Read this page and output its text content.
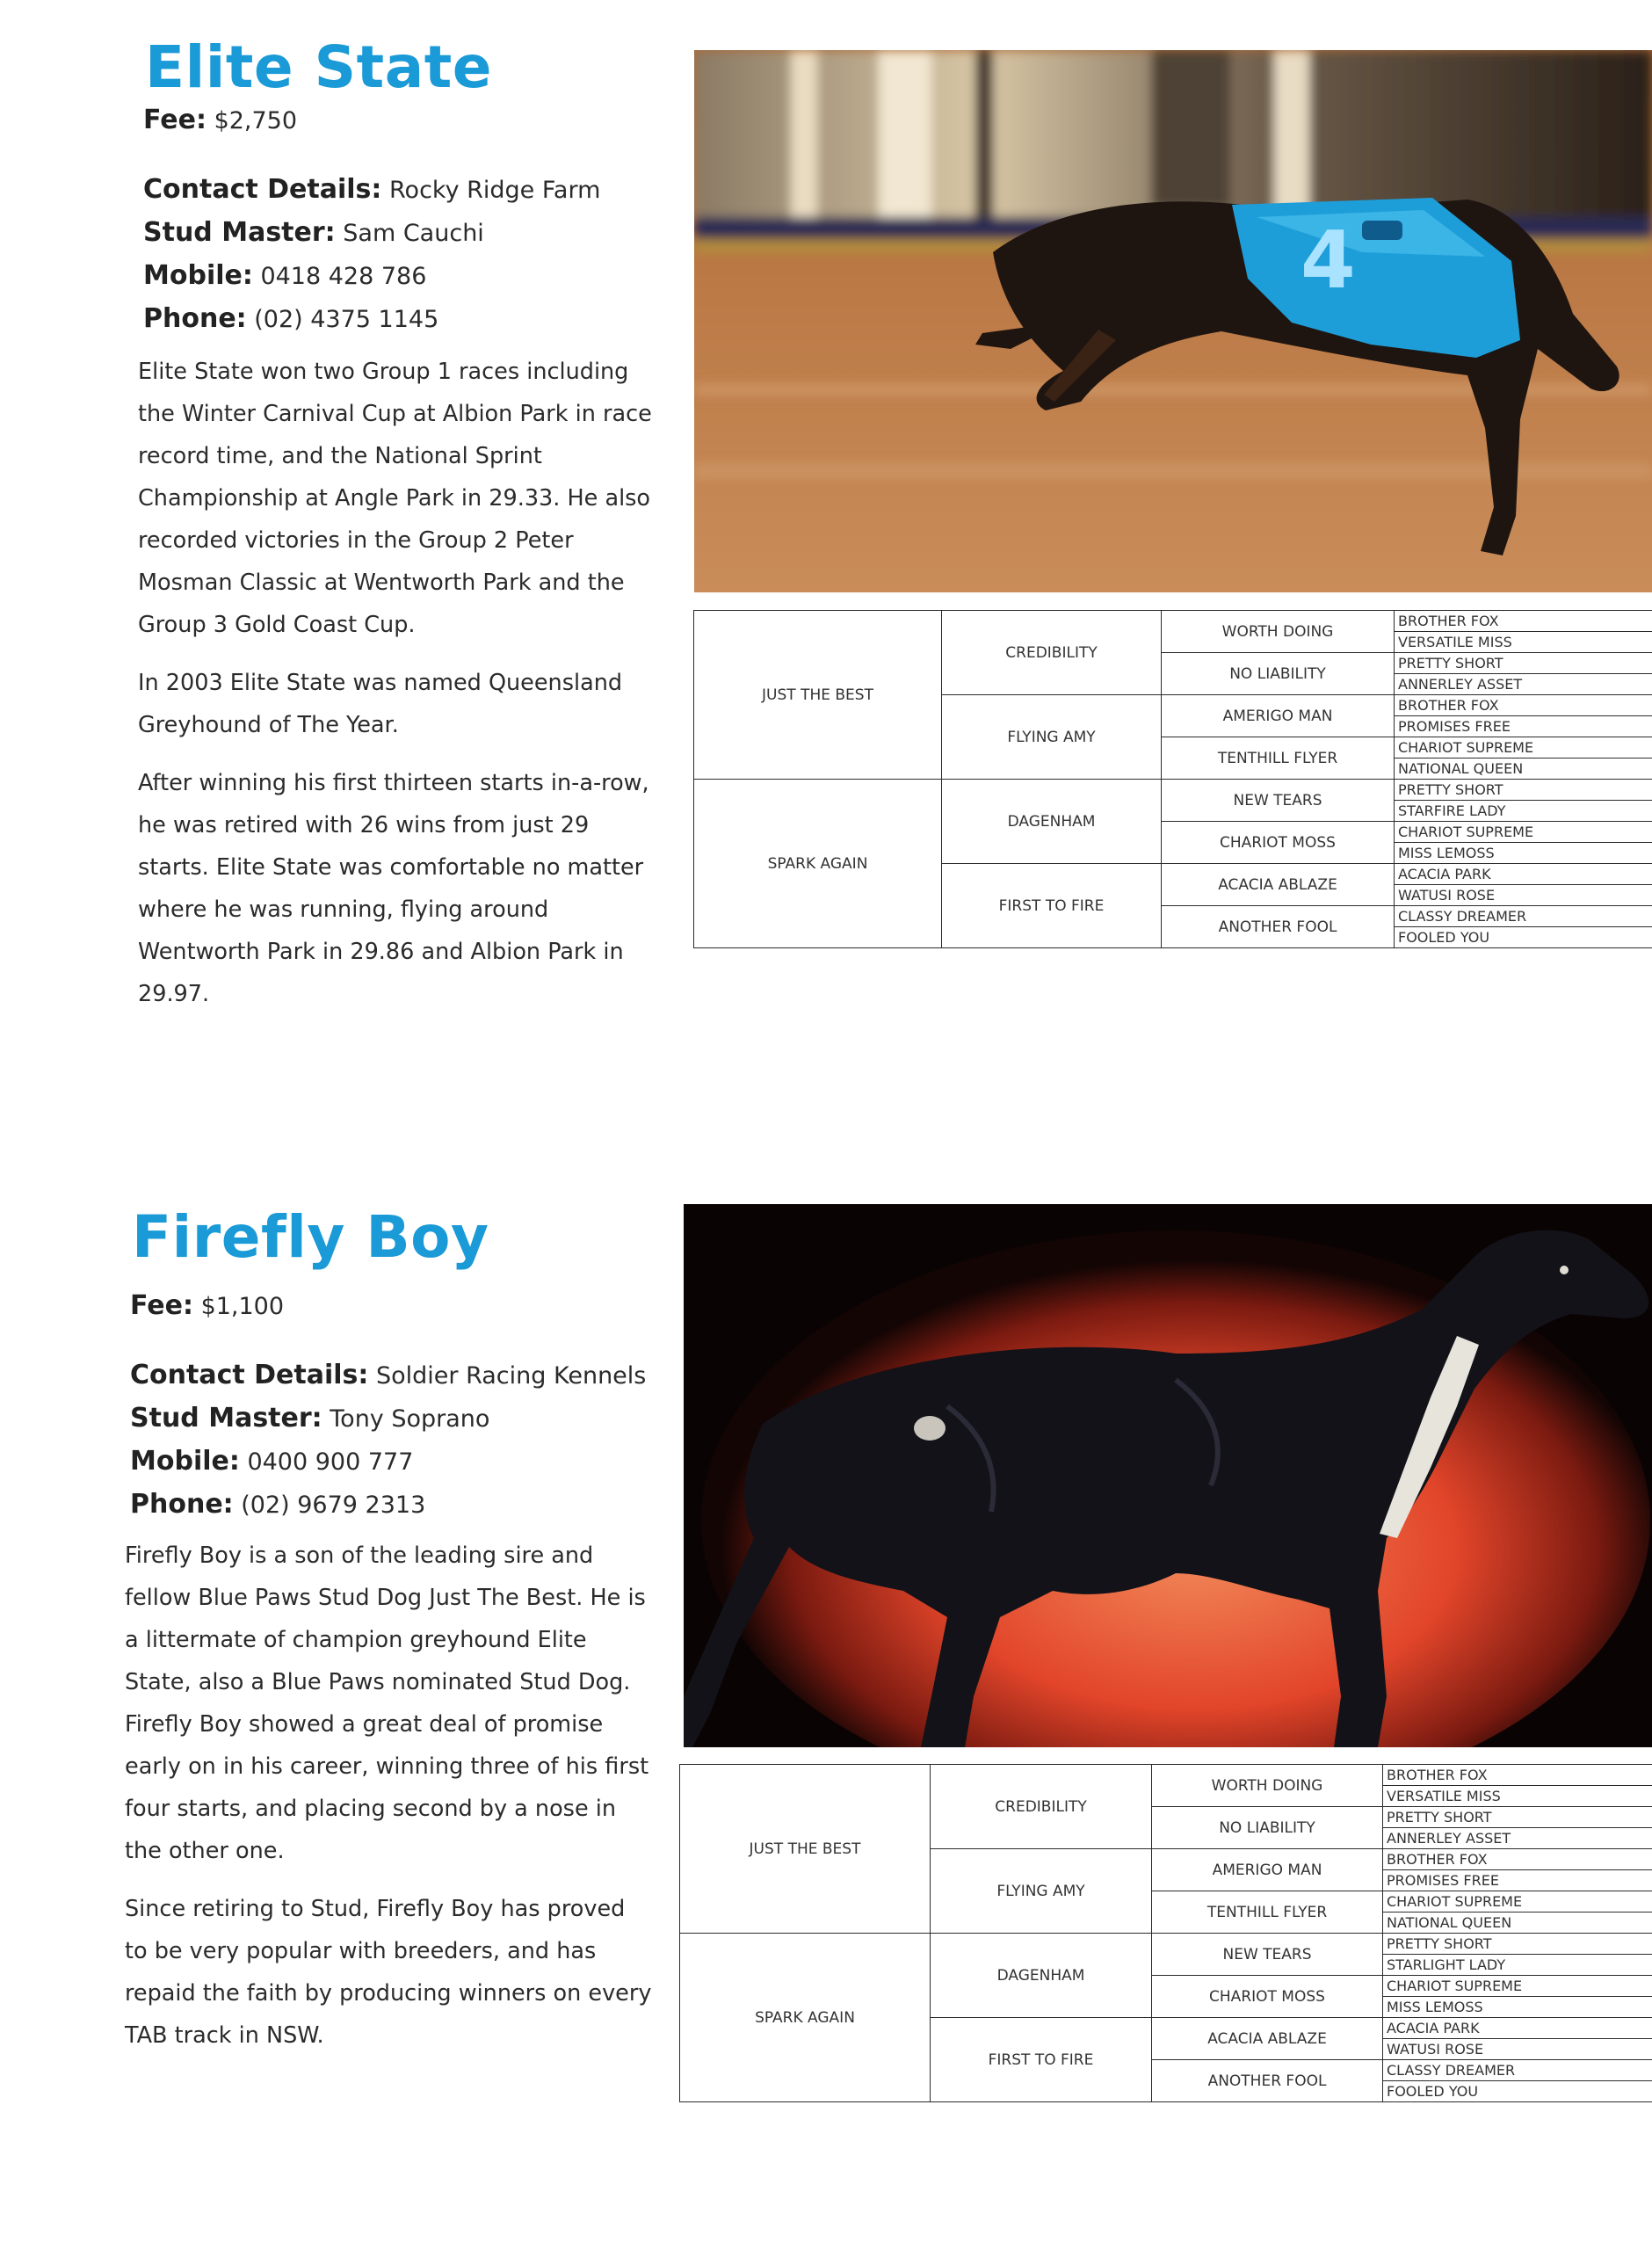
Elite State
Fee: $2,750
Contact Details: Rocky Ridge Farm
Stud Master: Sam Cauchi
Mobile: 0418 428 786
Phone: (02) 4375 1145

Elite State won two Group 1 races including the Winter Carnival Cup at Albion Park in race record time, and the National Sprint Championship at Angle Park in 29.33. He also recorded victories in the Group 2 Peter Mosman Classic at Wentworth Park and the Group 3 Gold Coast Cup.

In 2003 Elite State was named Queensland Greyhound of The Year.

After winning his first thirteen starts in-a-row, he was retired with 26 wins from just 29 starts. Elite State was comfortable no matter where he was running, flying around Wentworth Park in 29.86 and Albion Park in 29.97.

4
JUST THE BEST	CREDIBILITY	WORTH DOING	BROTHER FOX
			VERSATILE MISS
		NO LIABILITY	PRETTY SHORT
			ANNERLEY ASSET
	FLYING AMY	AMERIGO MAN	BROTHER FOX
			PROMISES FREE
		TENTHILL FLYER	CHARIOT SUPREME
			NATIONAL QUEEN
SPARK AGAIN	DAGENHAM	NEW TEARS	PRETTY SHORT
			STARFIRE LADY
		CHARIOT MOSS	CHARIOT SUPREME
			MISS LEMOSS
	FIRST TO FIRE	ACACIA ABLAZE	ACACIA PARK
			WATUSI ROSE
		ANOTHER FOOL	CLASSY DREAMER
			FOOLED YOU
Firefly Boy
Fee: $1,100
Contact Details: Soldier Racing Kennels
Stud Master: Tony Soprano
Mobile: 0400 900 777
Phone: (02) 9679 2313

Firefly Boy is a son of the leading sire and fellow Blue Paws Stud Dog Just The Best. He is a littermate of champion greyhound Elite State, also a Blue Paws nominated Stud Dog. Firefly Boy showed a great deal of promise early on in his career, winning three of his first four starts, and placing second by a nose in the other one.

Since retiring to Stud, Firefly Boy has proved to be very popular with breeders, and has repaid the faith by producing winners on every TAB track in NSW.

JUST THE BEST	CREDIBILITY	WORTH DOING	BROTHER FOX
			VERSATILE MISS
		NO LIABILITY	PRETTY SHORT
			ANNERLEY ASSET
	FLYING AMY	AMERIGO MAN	BROTHER FOX
			PROMISES FREE
		TENTHILL FLYER	CHARIOT SUPREME
			NATIONAL QUEEN
SPARK AGAIN	DAGENHAM	NEW TEARS	PRETTY SHORT
			STARLIGHT LADY
		CHARIOT MOSS	CHARIOT SUPREME
			MISS LEMOSS
	FIRST TO FIRE	ACACIA ABLAZE	ACACIA PARK
			WATUSI ROSE
		ANOTHER FOOL	CLASSY DREAMER
			FOOLED YOU
